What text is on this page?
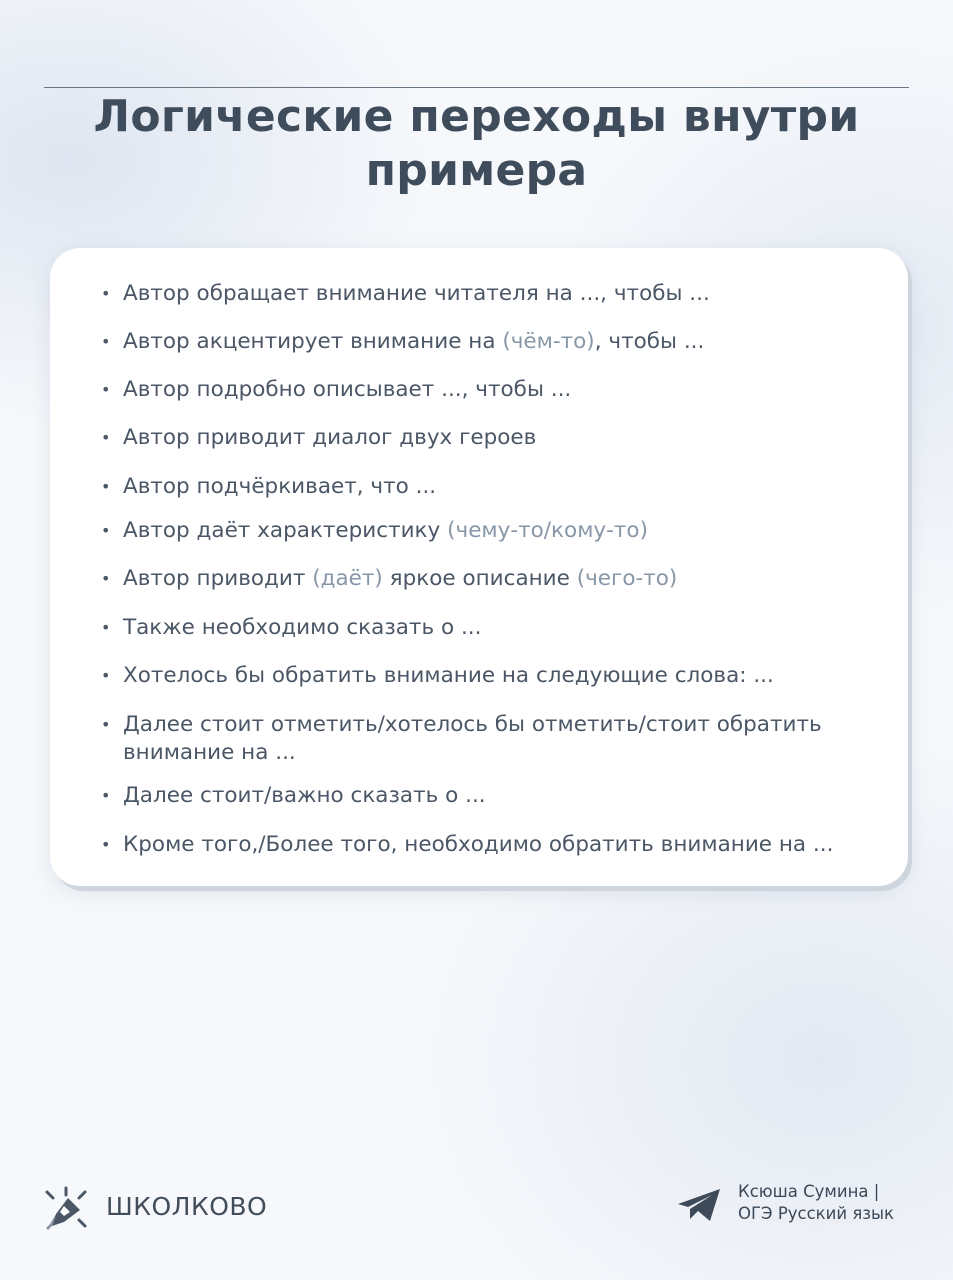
Логические переходы внутри примера
• Автор обращает внимание читателя на ..., чтобы ...
• Автор акцентирует внимание на (чём-то), чтобы ...
• Автор подробно описывает ..., чтобы ...
• Автор приводит диалог двух героев
• Автор подчёркивает, что ...
• Автор даёт характеристику (чему-то/кому-то)
• Автор приводит (даёт) яркое описание (чего-то)
• Также необходимо сказать о ...
• Хотелось бы обратить внимание на следующие слова: ...
• Далее стоит отметить/хотелось бы отметить/стоит обратить внимание на ...
• Далее стоит/важно сказать о ...
• Кроме того,/Более того, необходимо обратить внимание на ...
ШКОЛКОВО
Ксюша Сумина |
ОГЭ Русский язык
